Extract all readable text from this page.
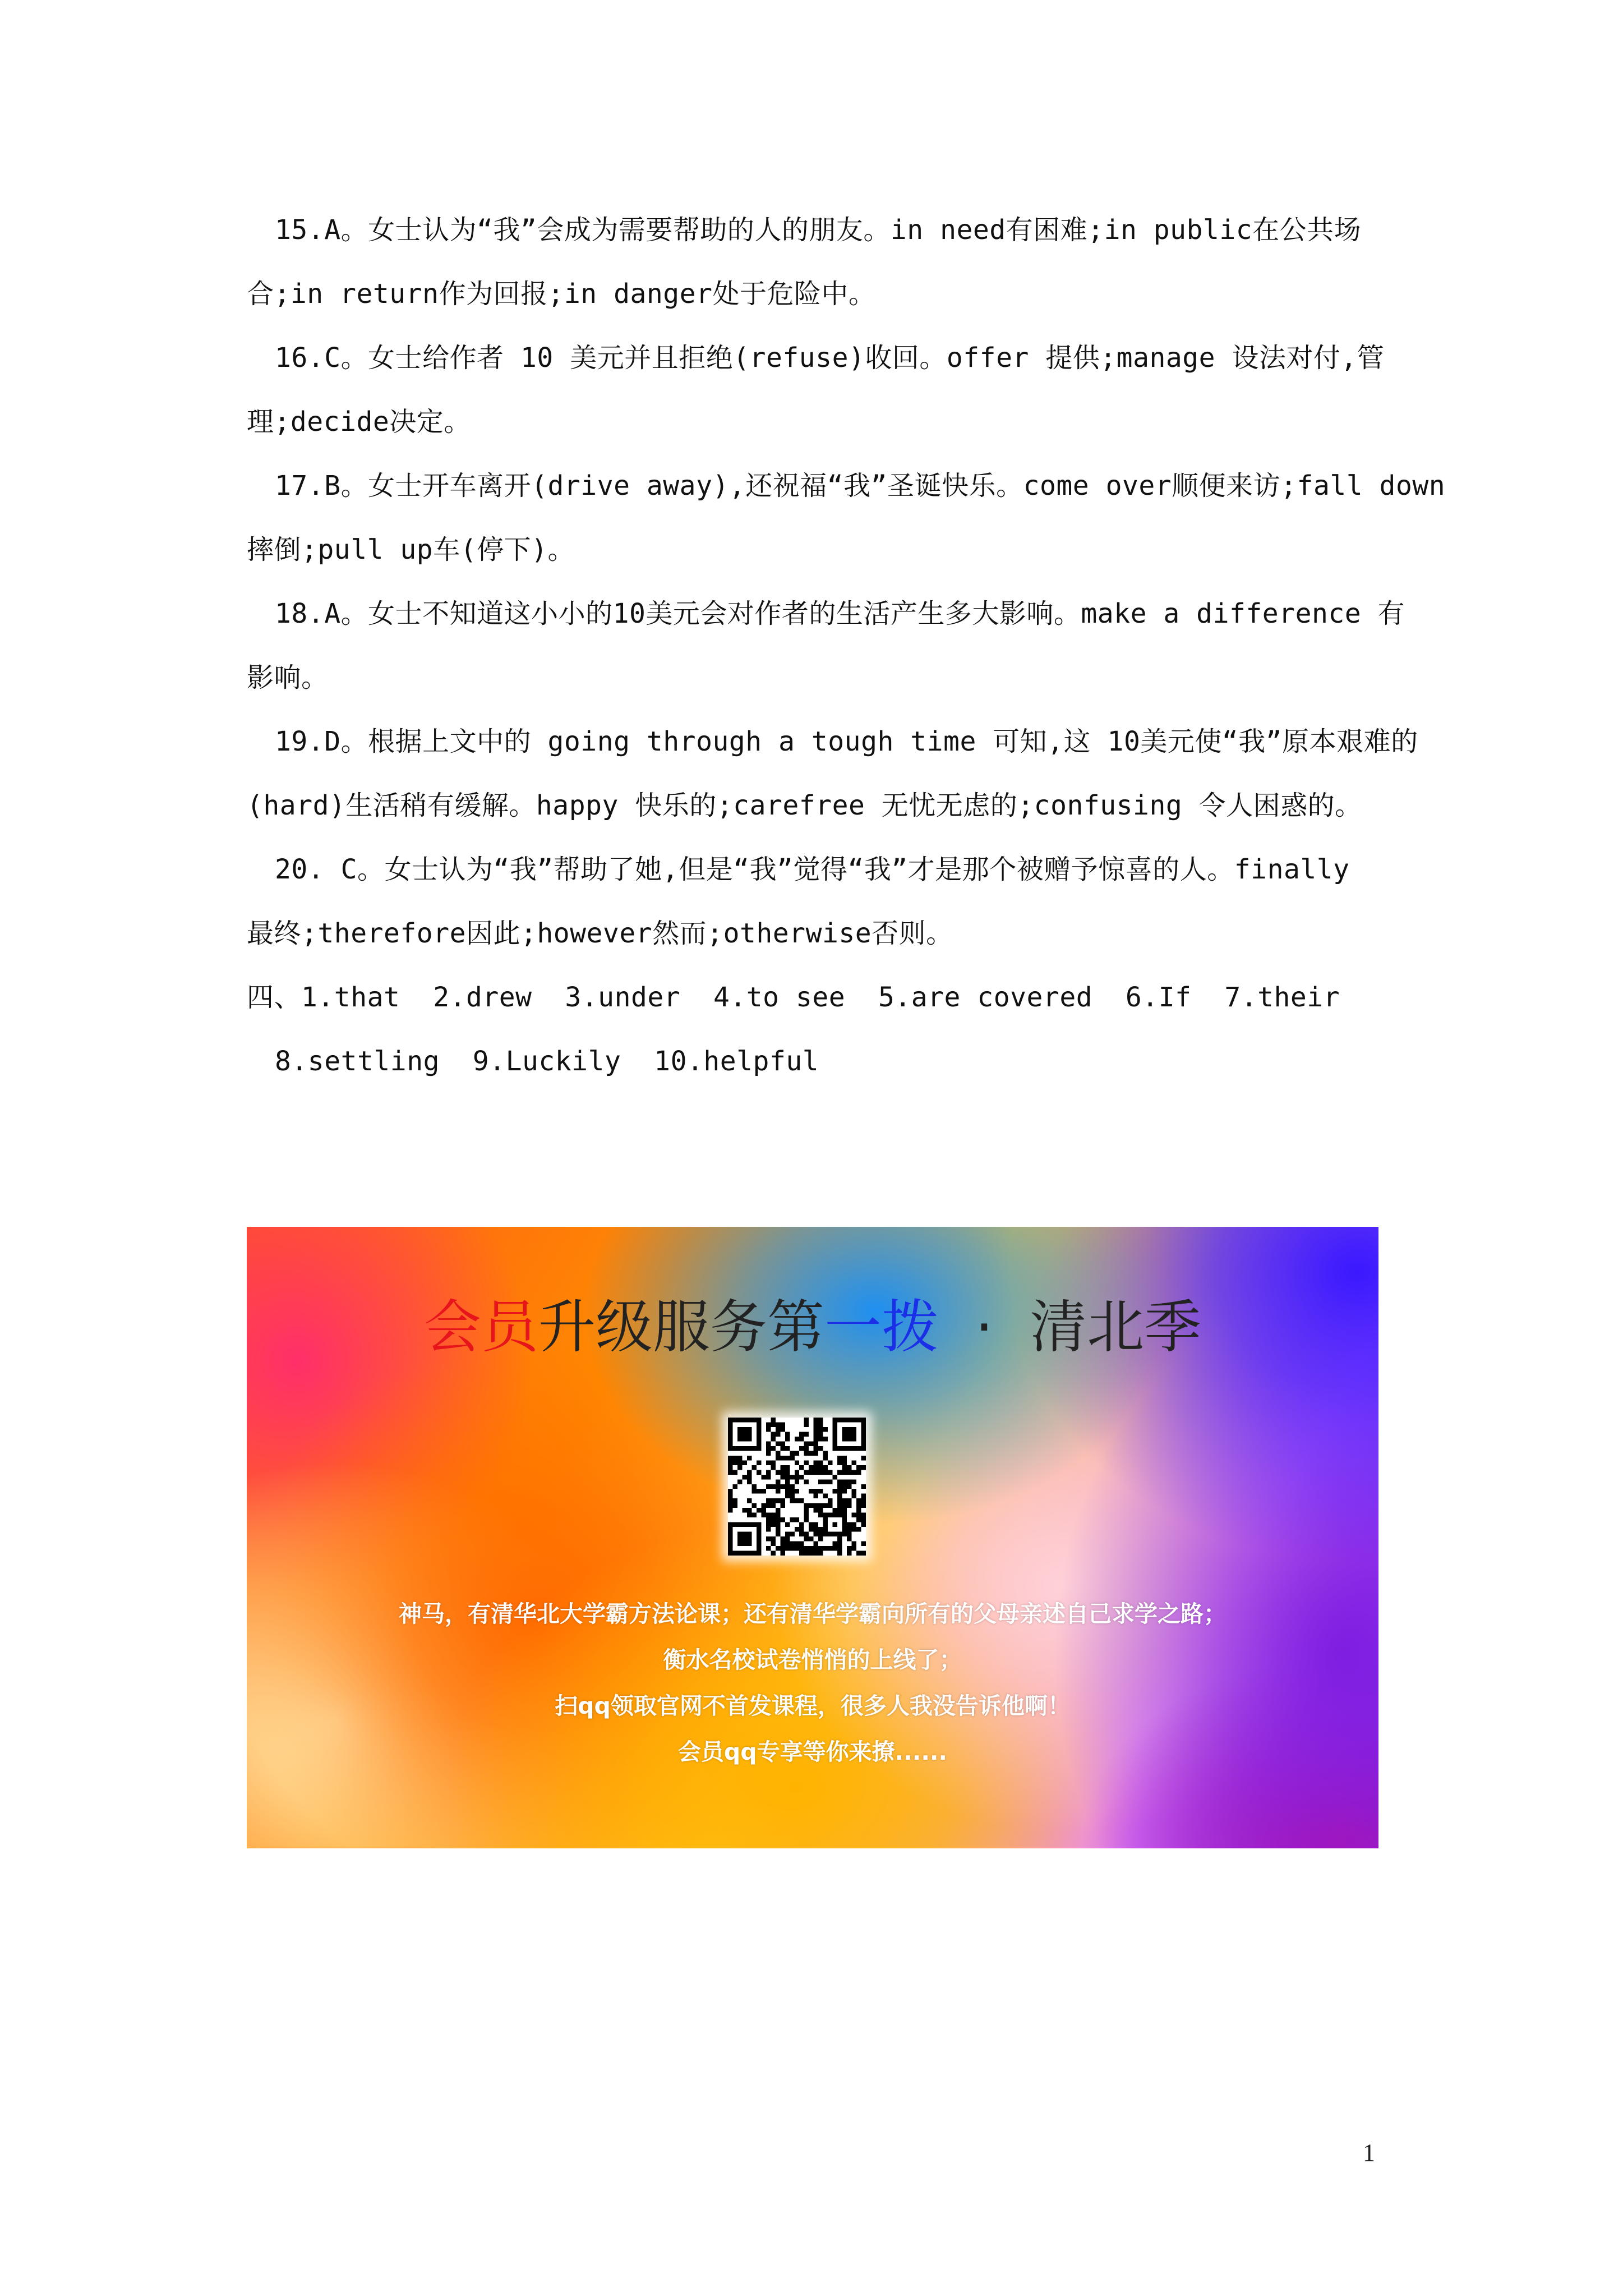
15.A。女士认为“我”会成为需要帮助的人的朋友。in need有困难;in public在公共场

合;in return作为回报;in danger处于危险中。

16.C。女士给作者 10 美元并且拒绝(refuse)收回。offer 提供;manage 设法对付,管

理;decide决定。

17.B。女士开车离开(drive away),还祝福“我”圣诞快乐。come over顺便来访;fall down

摔倒;pull up车(停下)。

18.A。女士不知道这小小的10美元会对作者的生活产生多大影响。make a difference 有

影响。

19.D。根据上文中的 going through a tough time 可知,这 10美元使“我”原本艰难的

(hard)生活稍有缓解。happy 快乐的;carefree 无忧无虑的;confusing 令人困惑的。

20. C。女士认为“我”帮助了她,但是“我”觉得“我”才是那个被赠予惊喜的人。finally

最终;therefore因此;however然而;otherwise否则。

四、1.that  2.drew  3.under  4.to see  5.are covered  6.If  7.their

8.settling  9.Luckily  10.helpful

会员升级服务第一拨  ·  清北季
神马，有清华北大学霸方法论课；还有清华学霸向所有的父母亲述自己求学之路；
衡水名校试卷悄悄的上线了；
扫qq领取官网不首发课程，很多人我没告诉他啊！
会员qq专享等你来撩......
1
